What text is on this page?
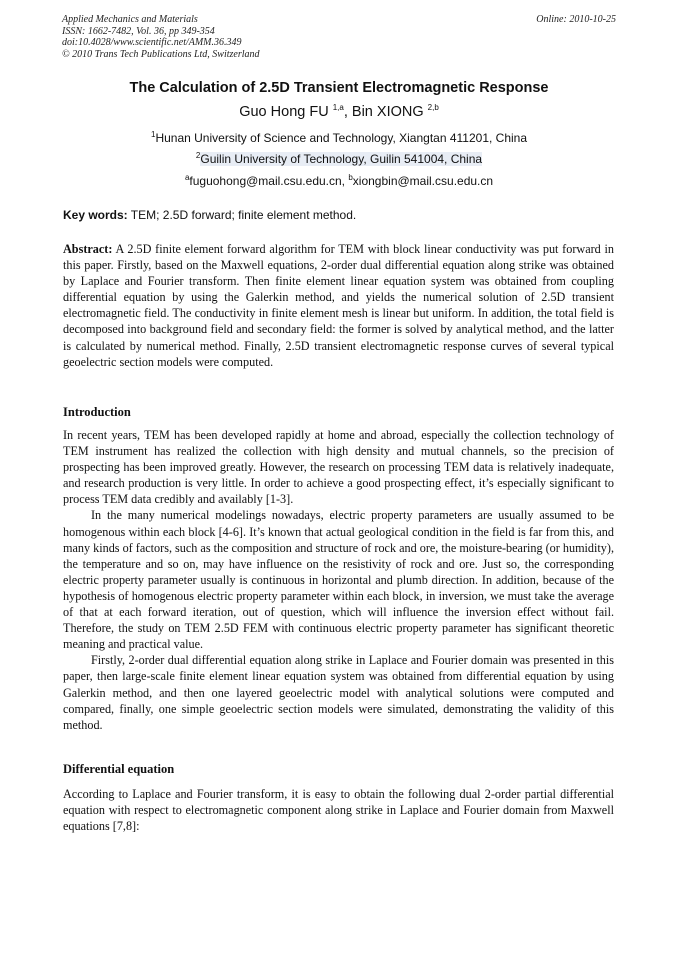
Applied Mechanics and Materials
ISSN: 1662-7482, Vol. 36, pp 349-354
doi:10.4028/www.scientific.net/AMM.36.349
© 2010 Trans Tech Publications Ltd, Switzerland
Online: 2010-10-25
The Calculation of 2.5D Transient Electromagnetic Response
Guo Hong FU $^{1,a}$, Bin XIONG $^{2,b}$
$^1$Hunan University of Science and Technology, Xiangtan 411201, China
$^2$Guilin University of Technology, Guilin 541004, China
$^a$fuguohong@mail.csu.edu.cn, $^b$xiongbin@mail.csu.edu.cn
Key words: TEM; 2.5D forward; finite element method.

Abstract: A 2.5D finite element forward algorithm for TEM with block linear conductivity was put forward in this paper. Firstly, based on the Maxwell equations, 2-order dual differential equation along strike was obtained by Laplace and Fourier transform. Then finite element linear equation system was obtained from coupling differential equation by using the Galerkin method, and yields the numerical solution of 2.5D transient electromagnetic field. The conductivity in finite element mesh is linear but uniform. In addition, the total field is decomposed into background field and secondary field: the former is solved by analytical method, and the latter is calculated by numerical method. Finally, 2.5D transient electromagnetic response curves of several typical geoelectric section models were computed.

Introduction

In recent years, TEM has been developed rapidly at home and abroad, especially the collection technology of TEM instrument has realized the collection with high density and mutual channels, so the precision of prospecting has been improved greatly. However, the research on processing TEM data is relatively inadequate, and research production is very little. In order to achieve a good prospecting effect, it’s especially significant to process TEM data credibly and availably [1-3].

In the many numerical modelings nowadays, electric property parameters are usually assumed to be homogenous within each block [4-6]. It’s known that actual geological condition in the field is far from this, and many kinds of factors, such as the composition and structure of rock and ore, the moisture-bearing (or humidity), the temperature and so on, may have influence on the resistivity of rock and ore. Just so, the corresponding electric property parameter usually is continuous in horizontal and plumb direction. In addition, because of the hypothesis of homogenous electric property parameter within each block, in inversion, we must take the average of that at each forward iteration, out of question, which will influence the inversion effect without fail. Therefore, the study on TEM 2.5D FEM with continuous electric property parameter has significant theoretic meaning and practical value.

Firstly, 2-order dual differential equation along strike in Laplace and Fourier domain was presented in this paper, then large-scale finite element linear equation system was obtained from differential equation by using Galerkin method, and then one layered geoelectric model with analytical solutions were computed and compared, finally, one simple geoelectric section models were simulated, demonstrating the validity of this method.

Differential equation

According to Laplace and Fourier transform, it is easy to obtain the following dual 2-order partial differential equation with respect to electromagnetic component along strike in Laplace and Fourier domain from Maxwell equations [7,8]:
